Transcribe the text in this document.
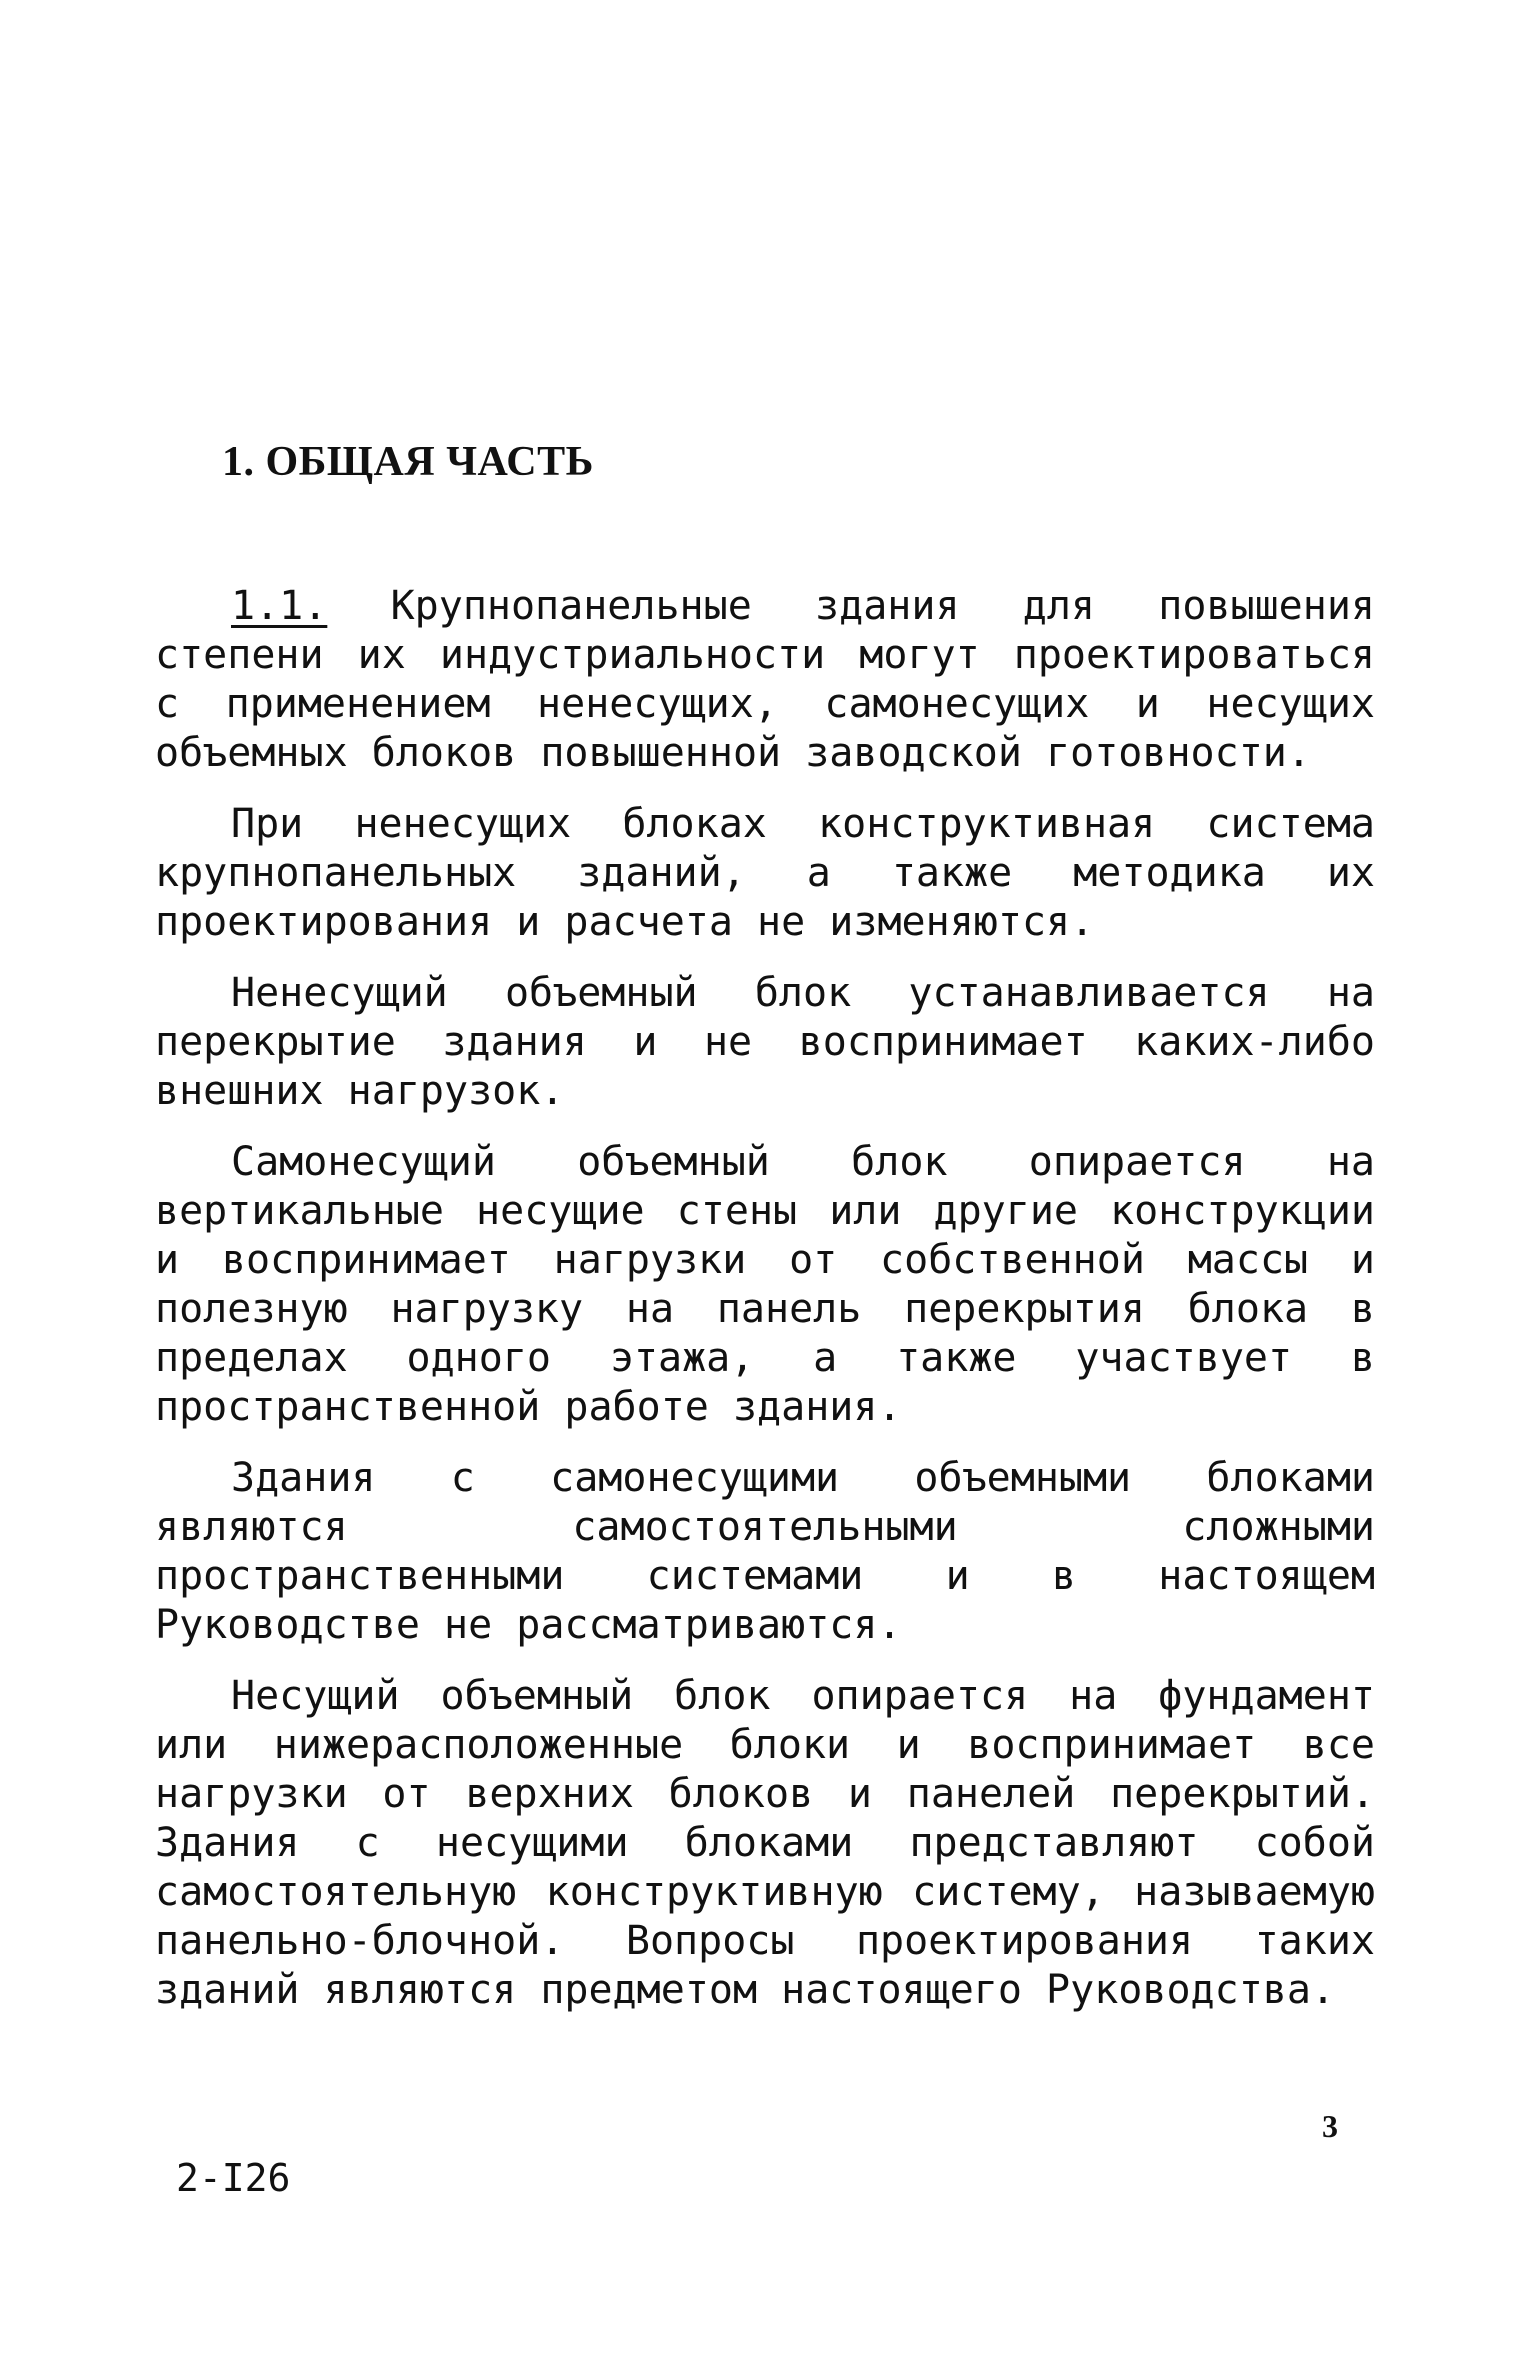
1. ОБЩАЯ ЧАСТЬ

1.1. Крупнопанельные здания для повышения степени их индустриальности могут проектироваться с применением ненесущих, самонесущих и несущих объемных блоков повышенной заводской готовности.

При ненесущих блоках конструктивная система крупнопанельных зданий, а также методика их проектирования и расчета не изменяются.

Ненесущий объемный блок устанавливается на перекрытие здания и не воспринимает каких-либо внешних нагрузок.

Самонесущий объемный блок опирается на вертикальные несущие стены или другие конструкции и воспринимает нагрузки от собственной массы и полезную нагрузку на панель перекрытия блока в пределах одного этажа, а также участвует в пространственной работе здания.

Здания с самонесущими объемными блоками являются самостоятельными сложными пространственными системами и в настоящем Руководстве не рассматриваются.

Несущий объемный блок опирается на фундамент или нижерасположенные блоки и воспринимает все нагрузки от верхних блоков и панелей перекрытий. Здания с несущими блоками представляют собой самостоятельную конструктивную систему, называемую панельно-блочной. Вопросы проектирования таких зданий являются предметом настоящего Руководства.

3
2-I26
